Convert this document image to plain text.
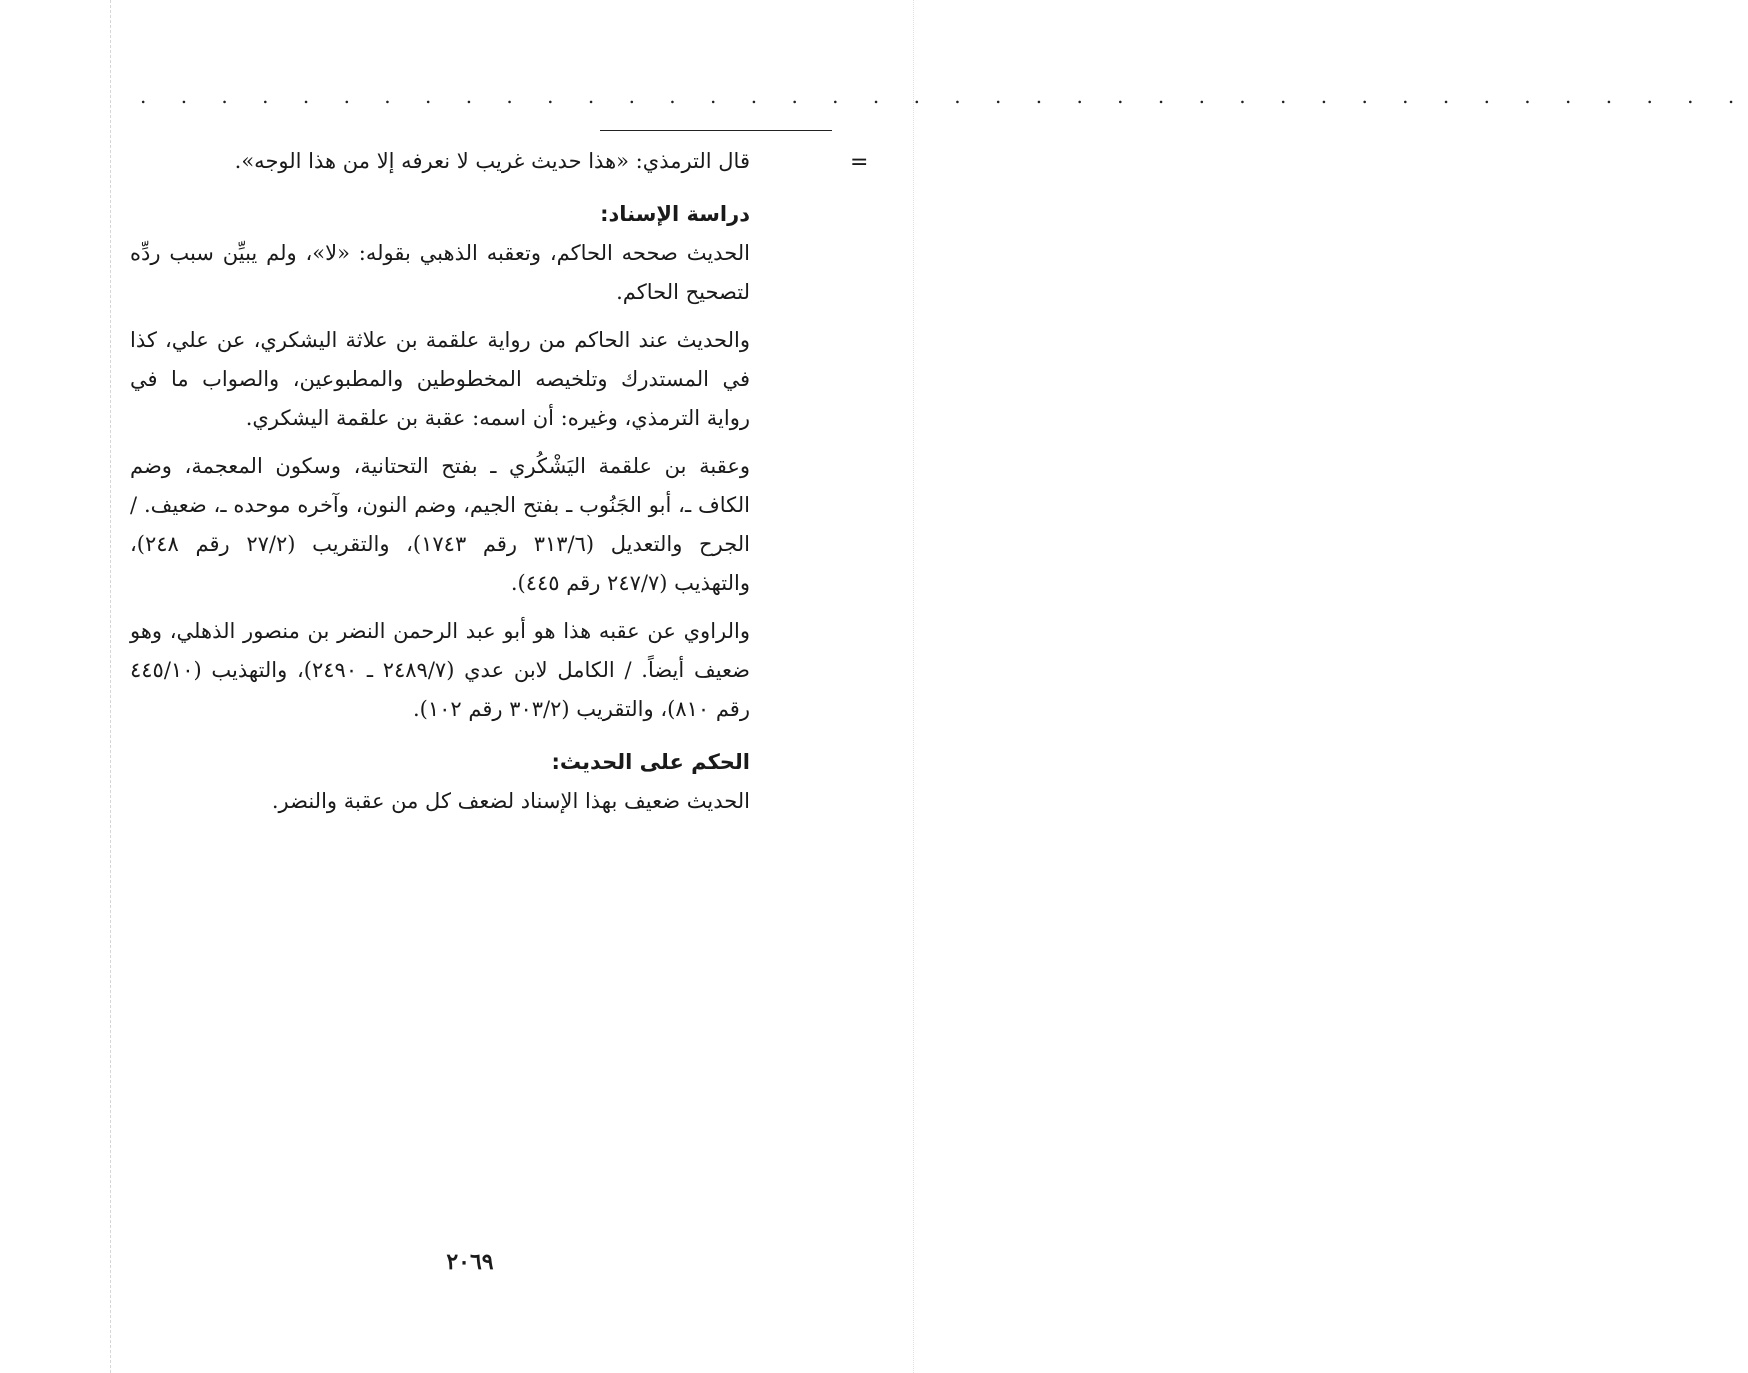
. . . . . . . . . . . . . . . . . . . . . . . . . . . . . . . . . . . . . . . .
=

قال الترمذي: «هذا حديث غريب لا نعرفه إلا من هذا الوجه».

دراسة الإسناد:

الحديث صححه الحاكم، وتعقبه الذهبي بقوله: «لا»، ولم يبيِّن سبب ردِّه لتصحيح الحاكم.

والحديث عند الحاكم من رواية علقمة بن علاثة اليشكري، عن علي، كذا في المستدرك وتلخيصه المخطوطين والمطبوعين، والصواب ما في رواية الترمذي، وغيره: أن اسمه: عقبة بن علقمة اليشكري.

وعقبة بن علقمة اليَشْكُري ـ بفتح التحتانية، وسكون المعجمة، وضم الكاف ـ، أبو الجَنُوب ـ بفتح الجيم، وضم النون، وآخره موحده ـ، ضعيف. / الجرح والتعديل (٣١٣/٦ رقم ١٧٤٣)، والتقريب (٢٧/٢ رقم ٢٤٨)، والتهذيب (٢٤٧/٧ رقم ٤٤٥).

والراوي عن عقبه هذا هو أبو عبد الرحمن النضر بن منصور الذهلي، وهو ضعيف أيضاً. / الكامل لابن عدي (٢٤٨٩/٧ ـ ٢٤٩٠)، والتهذيب (٤٤٥/١٠ رقم ٨١٠)، والتقريب (٣٠٣/٢ رقم ١٠٢).

الحكم على الحديث:

الحديث ضعيف بهذا الإسناد لضعف كل من عقبة والنضر.

٢٠٦٩
